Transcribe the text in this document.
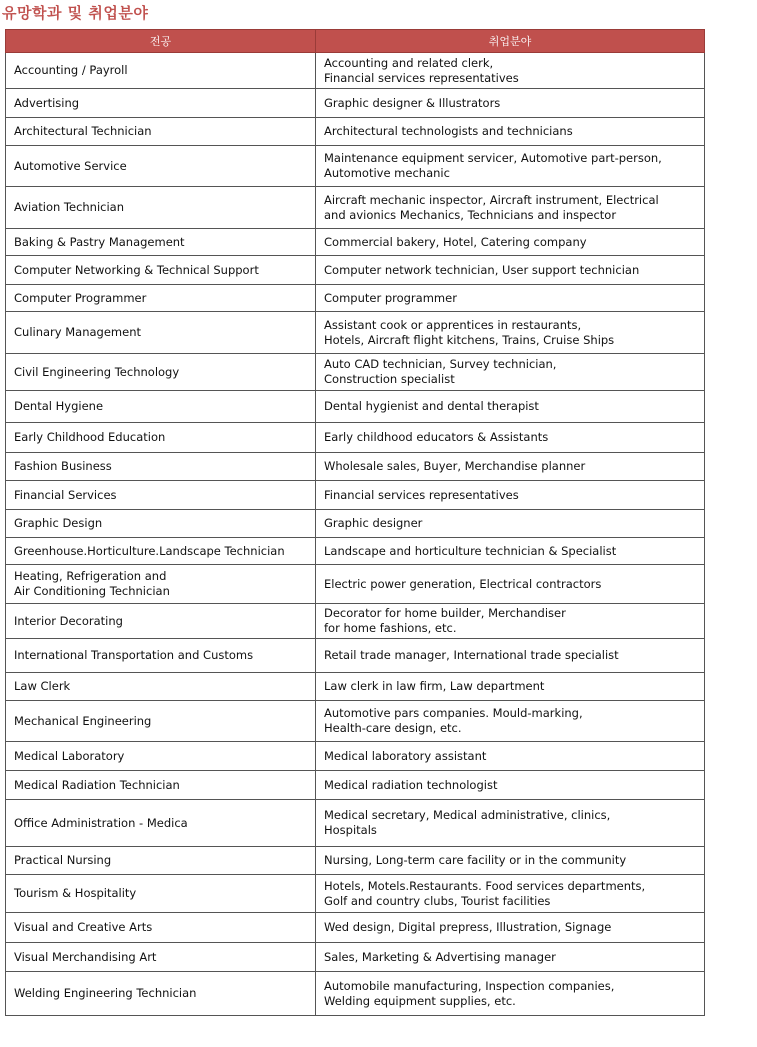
유망학과 및 취업분야
전공	취업분야
Accounting / Payroll	Accounting and related clerk,
Financial services representatives
Advertising	Graphic designer & Illustrators
Architectural Technician	Architectural technologists and technicians
Automotive Service	Maintenance equipment servicer, Automotive part-person,
Automotive mechanic
Aviation Technician	Aircraft mechanic inspector, Aircraft instrument, Electrical
and avionics Mechanics, Technicians and inspector
Baking & Pastry Management	Commercial bakery, Hotel, Catering company
Computer Networking & Technical Support	Computer network technician, User support technician
Computer Programmer	Computer programmer
Culinary Management	Assistant cook or apprentices in restaurants,
Hotels, Aircraft flight kitchens, Trains, Cruise Ships
Civil Engineering Technology	Auto CAD technician, Survey technician,
Construction specialist
Dental Hygiene	Dental hygienist and dental therapist
Early Childhood Education	Early childhood educators & Assistants
Fashion Business	Wholesale sales, Buyer, Merchandise planner
Financial Services	Financial services representatives
Graphic Design	Graphic designer
Greenhouse.Horticulture.Landscape Technician	Landscape and horticulture technician & Specialist
Heating, Refrigeration and
Air Conditioning Technician	Electric power generation, Electrical contractors
Interior Decorating	Decorator for home builder, Merchandiser
for home fashions, etc.
International Transportation and Customs	Retail trade manager, International trade specialist
Law Clerk	Law clerk in law firm, Law department
Mechanical Engineering	Automotive pars companies. Mould-marking,
Health-care design, etc.
Medical Laboratory	Medical laboratory assistant
Medical Radiation Technician	Medical radiation technologist
Office Administration - Medica	Medical secretary, Medical administrative, clinics,
Hospitals
Practical Nursing	Nursing, Long-term care facility or in the community
Tourism & Hospitality	Hotels, Motels.Restaurants. Food services departments,
Golf and country clubs, Tourist facilities
Visual and Creative Arts	Wed design, Digital prepress, Illustration, Signage
Visual Merchandising Art	Sales, Marketing & Advertising manager
Welding Engineering Technician	Automobile manufacturing, Inspection companies,
Welding equipment supplies, etc.
